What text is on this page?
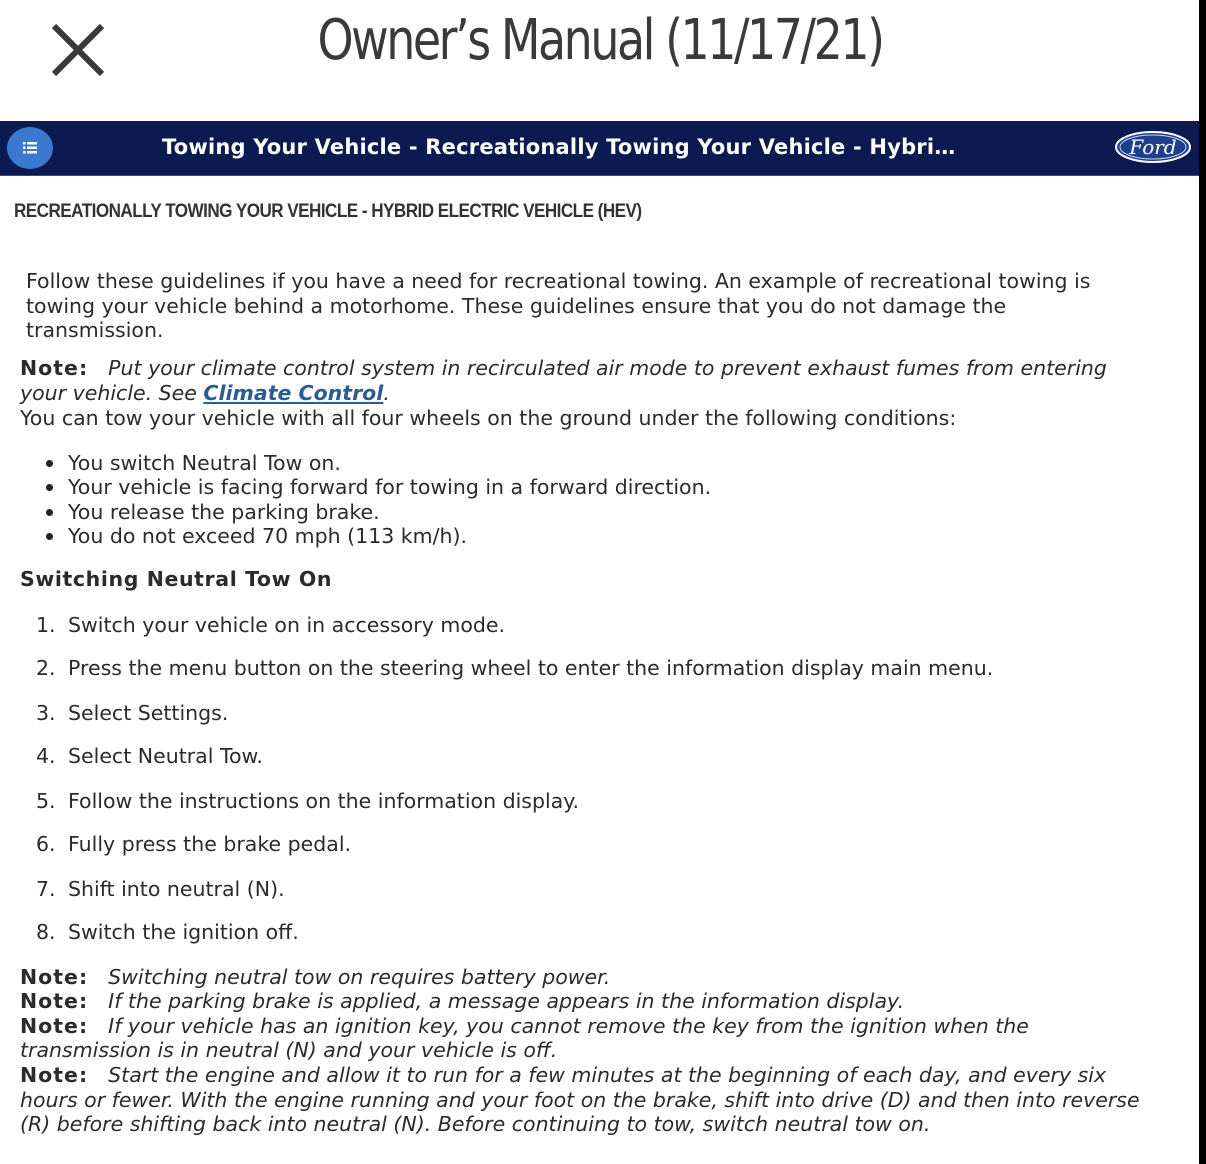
Owner’s Manual (11/17/21)
Towing Your Vehicle - Recreationally Towing Your Vehicle - Hybri…	Ford
RECREATIONALLY TOWING YOUR VEHICLE - HYBRID ELECTRIC VEHICLE (HEV)
Follow these guidelines if you have a need for recreational towing. An example of recreational towing is
towing your vehicle behind a motorhome. These guidelines ensure that you do not damage the
transmission.
Note: Put your climate control system in recirculated air mode to prevent exhaust fumes from entering
your vehicle. See Climate Control.
You can tow your vehicle with all four wheels on the ground under the following conditions:
You switch Neutral Tow on.
Your vehicle is facing forward for towing in a forward direction.
You release the parking brake.
You do not exceed 70 mph (113 km/h).
Switching Neutral Tow On
1. Switch your vehicle on in accessory mode.
2. Press the menu button on the steering wheel to enter the information display main menu.
3. Select Settings.
4. Select Neutral Tow.
5. Follow the instructions on the information display.
6. Fully press the brake pedal.
7. Shift into neutral (N).
8. Switch the ignition off.
Note: Switching neutral tow on requires battery power.
Note: If the parking brake is applied, a message appears in the information display.
Note: If your vehicle has an ignition key, you cannot remove the key from the ignition when the
transmission is in neutral (N) and your vehicle is off.
Note: Start the engine and allow it to run for a few minutes at the beginning of each day, and every six
hours or fewer. With the engine running and your foot on the brake, shift into drive (D) and then into reverse
(R) before shifting back into neutral (N). Before continuing to tow, switch neutral tow on.
